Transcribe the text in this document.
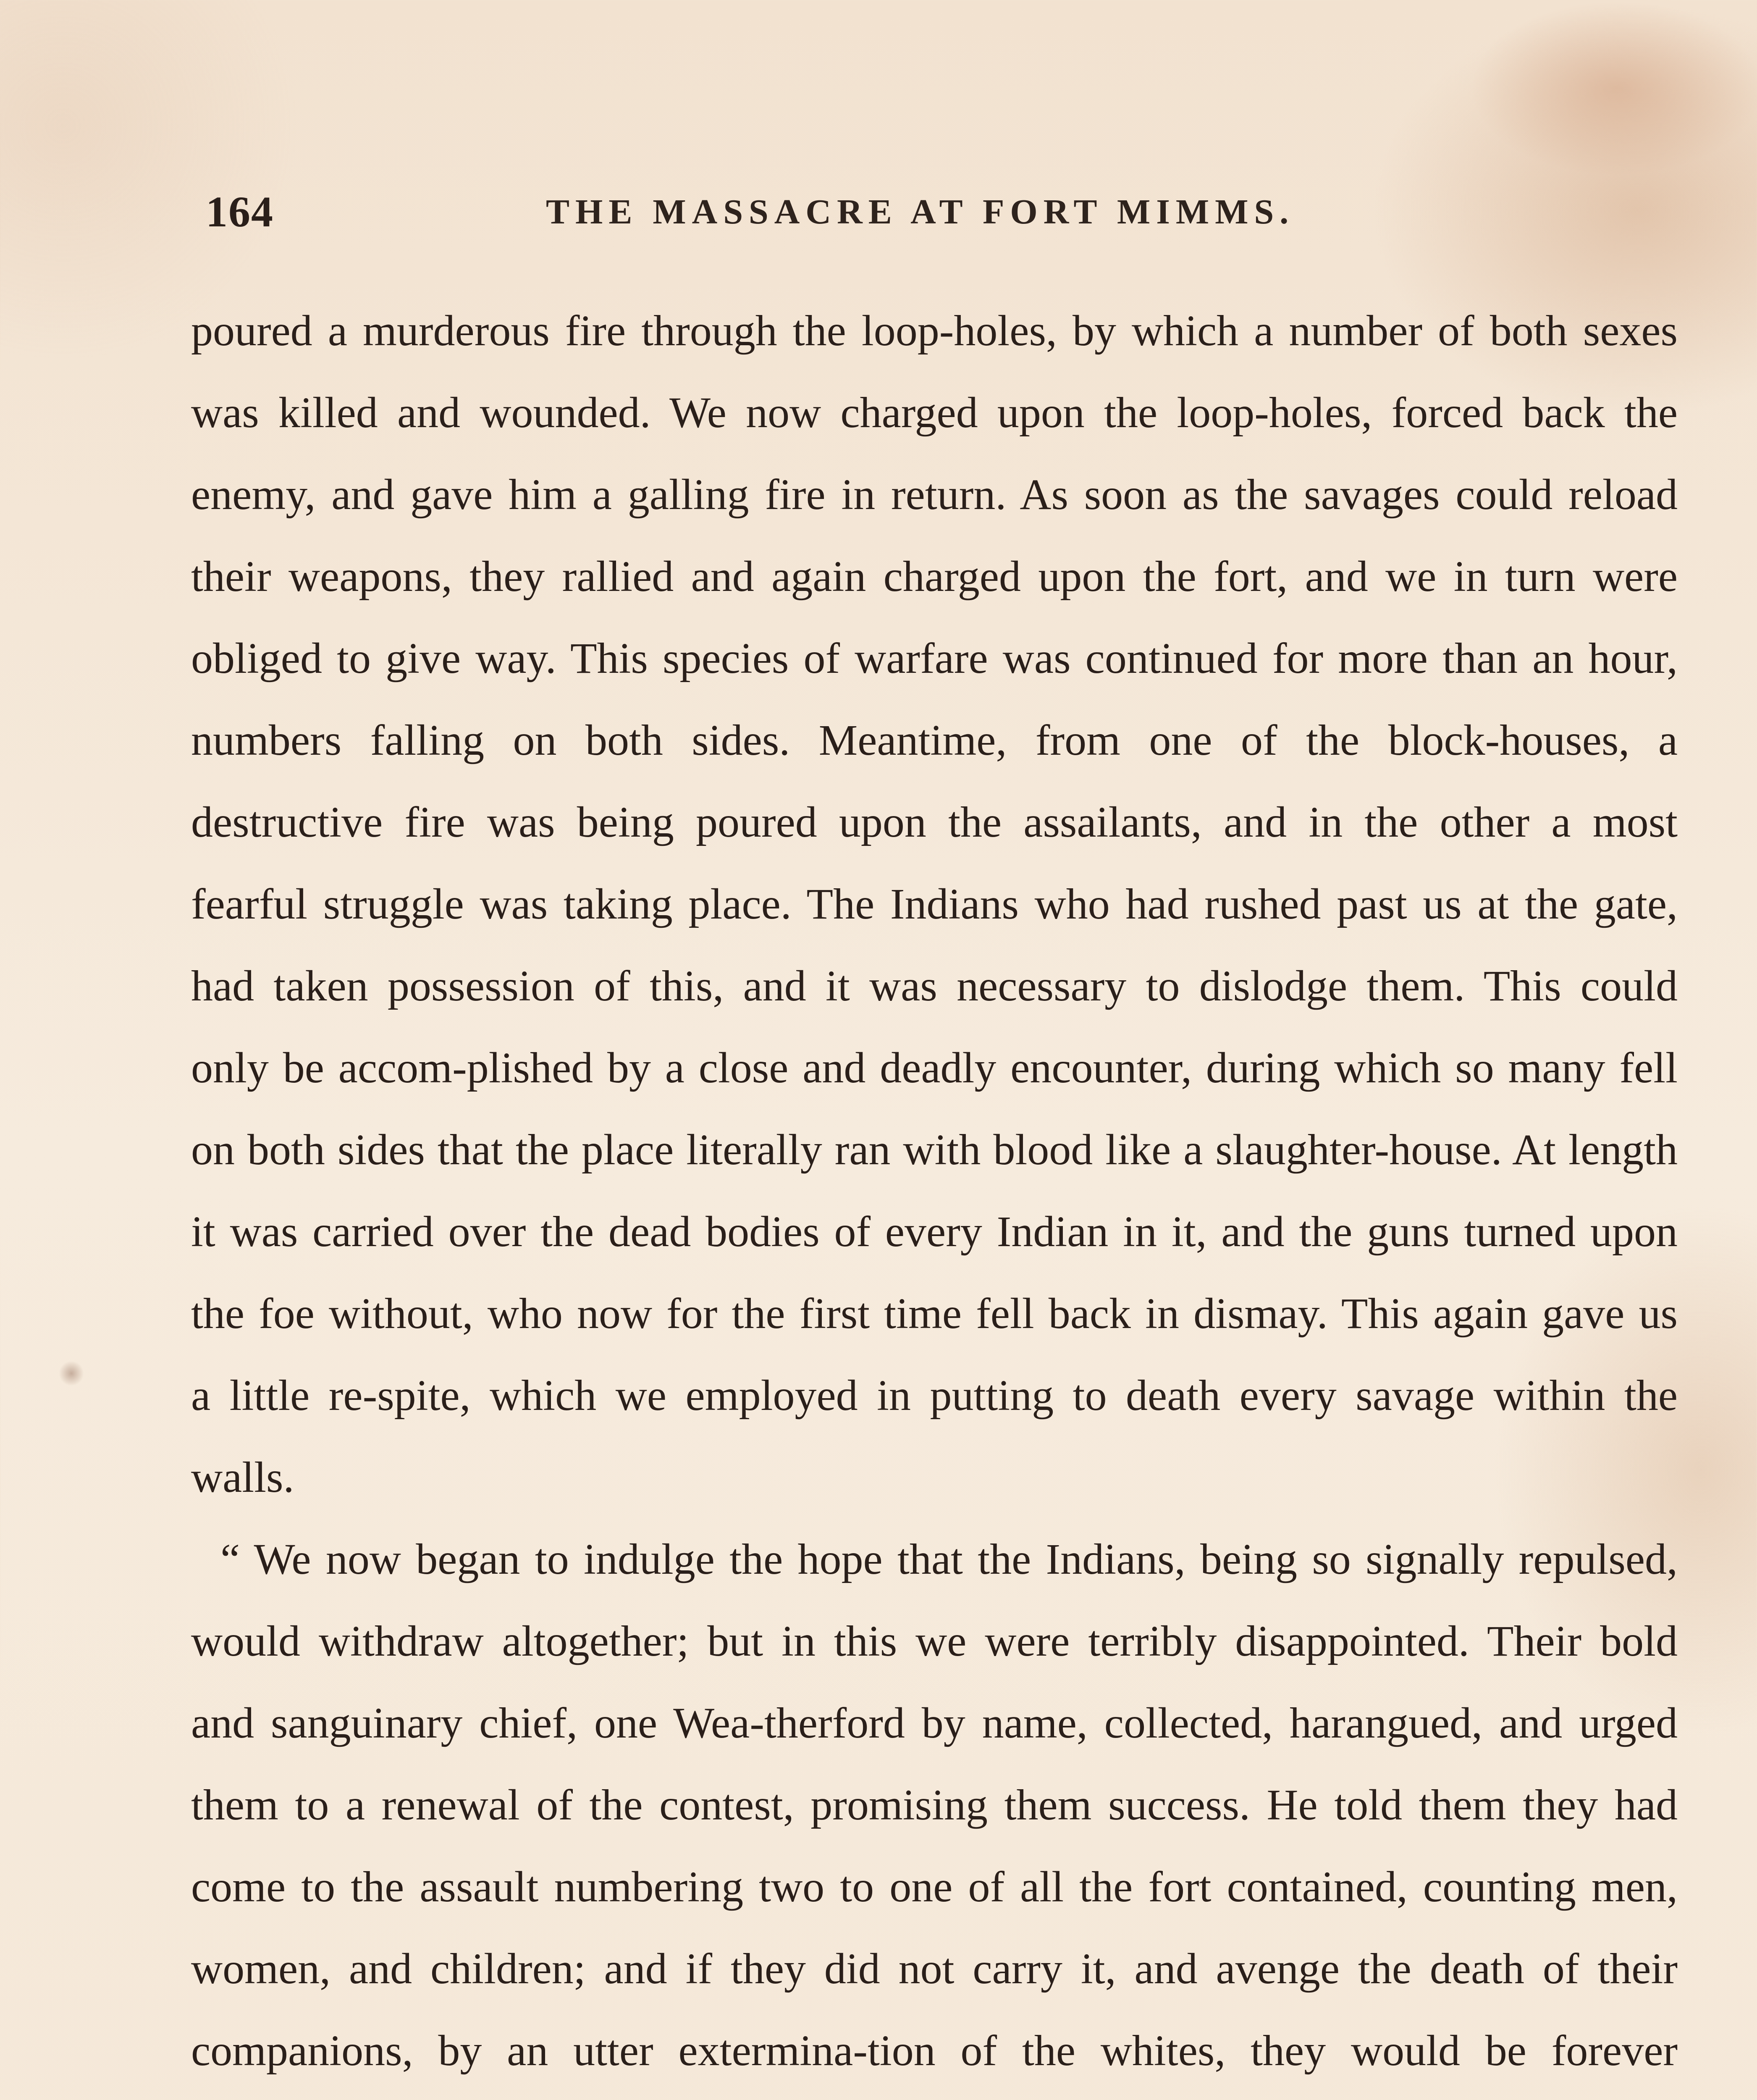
164	THE MASSACRE AT FORT MIMMS.

poured a murderous fire through the loop-holes, by which a number of both sexes was killed and wounded. We now charged upon the loop-holes, forced back the enemy, and gave him a galling fire in return. As soon as the savages could reload their weapons, they rallied and again charged upon the fort, and we in turn were obliged to give way. This species of warfare was continued for more than an hour, numbers falling on both sides. Meantime, from one of the block-houses, a destructive fire was being poured upon the assailants, and in the other a most fearful struggle was taking place. The Indians who had rushed past us at the gate, had taken possession of this, and it was necessary to dislodge them. This could only be accom-plished by a close and deadly encounter, during which so many fell on both sides that the place literally ran with blood like a slaughter-house. At length it was carried over the dead bodies of every Indian in it, and the guns turned upon the foe without, who now for the first time fell back in dismay. This again gave us a little re-spite, which we employed in putting to death every savage within the walls.

“ We now began to indulge the hope that the Indians, being so signally repulsed, would withdraw altogether; but in this we were terribly disappointed. Their bold and sanguinary chief, one Wea-therford by name, collected, harangued, and urged them to a renewal of the contest, promising them success. He told them they had come to the assault numbering two to one of all the fort contained, counting men, women, and children; and if they did not carry it, and avenge the death of their companions, by an utter extermina-tion of the whites, they would be forever
